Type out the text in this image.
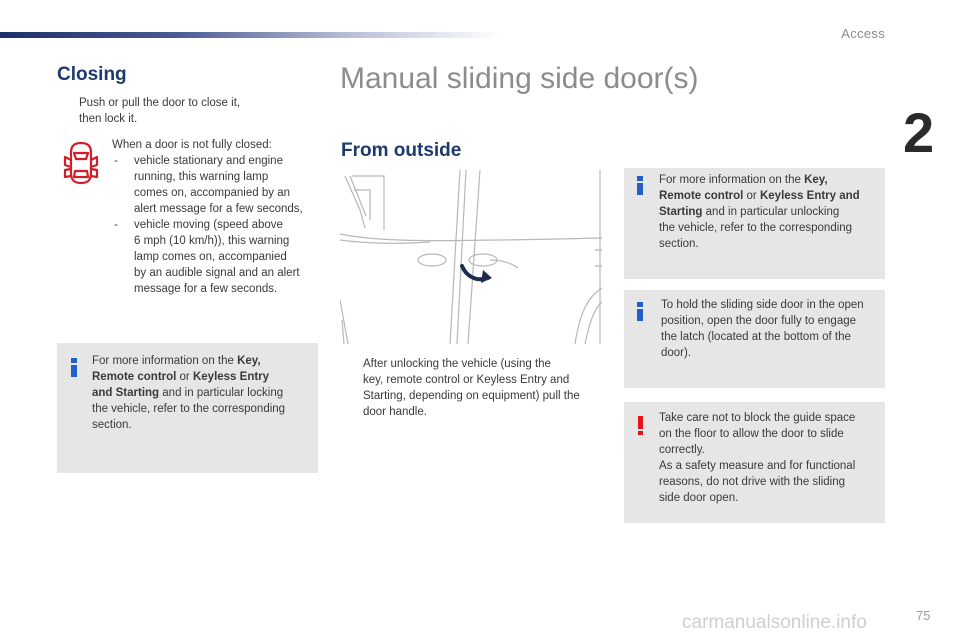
Access
2
Closing
Push or pull the door to close it,
then lock it.
When a door is not fully closed:
- vehicle stationary and engine
running, this warning lamp
comes on, accompanied by an
alert message for a few seconds,
- vehicle moving (speed above
6 mph (10 km/h)), this warning
lamp comes on, accompanied
by an audible signal and an alert
message for a few seconds.
For more information on the Key,
Remote control or Keyless Entry
and Starting and in particular locking
the vehicle, refer to the corresponding
section.
Manual sliding side door(s)
From outside
After unlocking the vehicle (using the
key, remote control or Keyless Entry and
Starting, depending on equipment) pull the
door handle.
For more information on the Key,
Remote control or Keyless Entry and
Starting and in particular unlocking
the vehicle, refer to the corresponding
section.
To hold the sliding side door in the open
position, open the door fully to engage
the latch (located at the bottom of the
door).
Take care not to block the guide space
on the floor to allow the door to slide
correctly.
As a safety measure and for functional
reasons, do not drive with the sliding
side door open.
carmanualsonline.info	75
